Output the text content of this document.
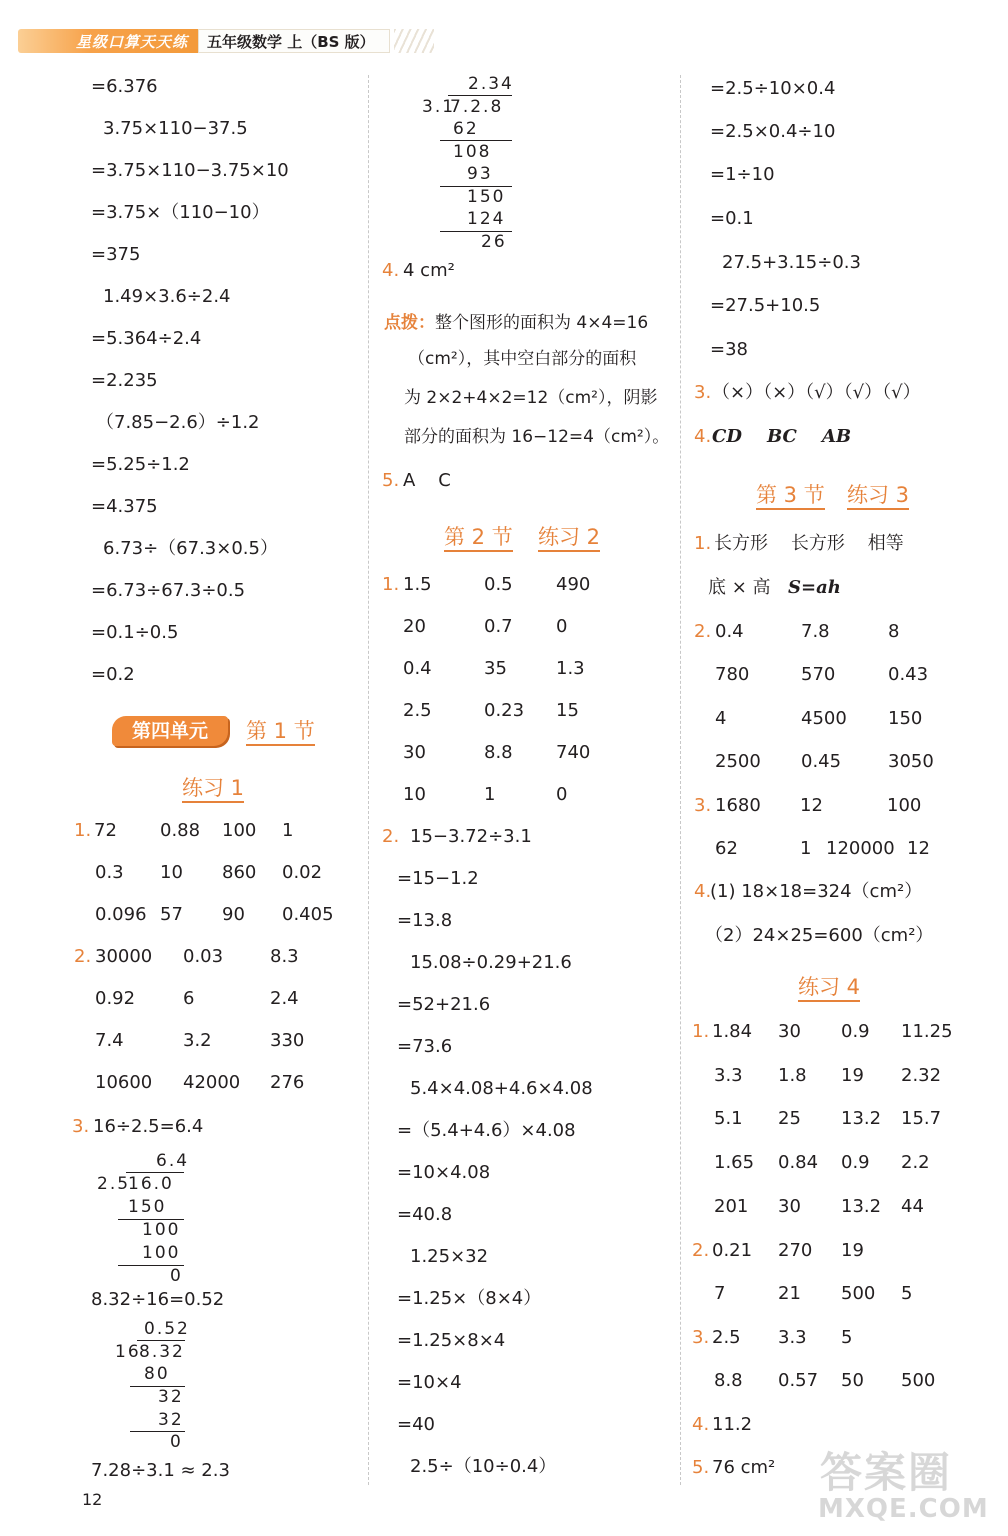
星级口算天天练	五年级数学 上（BS 版）
=6.376
3.75×110−37.5
=3.75×110−3.75×10
=3.75×（110−10）
=375
1.49×3.6÷2.4
=5.364÷2.4
=2.235
（7.85−2.6）÷1.2
=5.25÷1.2
=4.375
6.73÷（67.3×0.5）
=6.73÷67.3÷0.5
=0.1÷0.5
=0.2
第四单元	第 1 节
练习 1
1. 72 0.88 100 1
0.3 10 860 0.02
0.096 57 90 0.405
2. 30000 0.03	8.3
0.92	6	2.4
7.4	3.2	330
10600 42000 276
3. 16÷2.5=6.4
6.4
2.5
16.0
150
100
100
0
8.32÷16=0.52
0.52
16
8.32
80
32
32
0
7.28÷3.1 ≈ 2.3
12
2.34
3.1
7.2.8
62
108
93
150
124
26
4. 4 cm²
点拨：整个图形的面积为 4×4=16
（cm²），其中空白部分的面积
为 2×2+4×2=12（cm²），阴影
部分的面积为 16−12=4（cm²）。
5. A    C
第 2 节 练习 2
1. 1.5	0.5 490
20	0.7 0
0.4	35	1.3
2.5	0.23 15
30	8.8 740
10	1	0
2. 15−3.72÷3.1
=15−1.2
=13.8
15.08÷0.29+21.6
=52+21.6
=73.6
5.4×4.08+4.6×4.08
=（5.4+4.6）×4.08
=10×4.08
=40.8
1.25×32
=1.25×（8×4）
=1.25×8×4
=10×4
=40
2.5÷（10÷0.4）
=2.5÷10×0.4
=2.5×0.4÷10
=1÷10
=0.1
27.5+3.15÷0.3
=27.5+10.5
=38
3. （×）（×）（√）（√）（√）
4. CD    BC    AB
第 3 节 练习 3
1. 长方形    长方形    相等
底 × 高 S=ah
2. 0.4	7.8	8
780	570	0.43
4	4500 150
2500 0.45	3050
3. 1680 12	100
62	1 120000 12
4.
(1) 18×18=324（cm²）
（2）24×25=600（cm²）
练习 4
1. 1.84 30 0.9 11.25
3.3 1.8 19 2.32
5.1 25 13.2 15.7
1.65 0.84 0.9 2.2
201 30 13.2 44
2. 0.21 270 19
7	21 500 5
3. 2.5 3.3 5
8.8 0.57 50 500
4. 11.2
5. 76 cm² 答案圈
MXQE.COM
